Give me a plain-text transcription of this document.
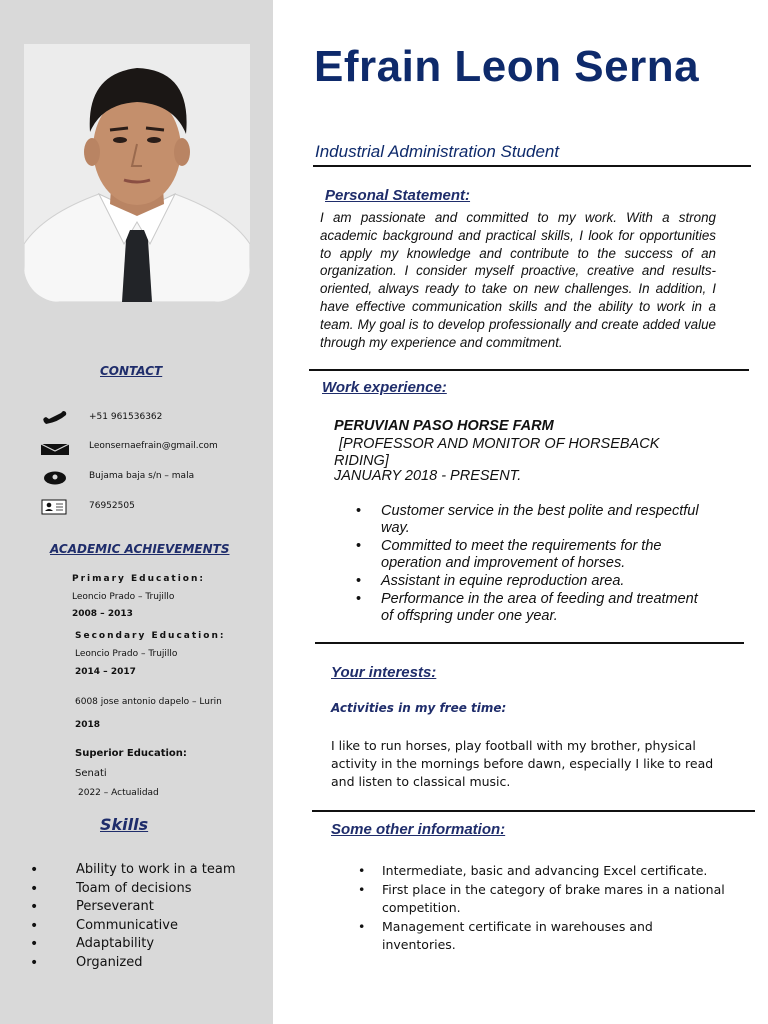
CONTACT
+51 961536362
Leonsernaefrain@gmail.com
Bujama baja s/n – mala
76952505
ACADEMIC ACHIEVEMENTS
Primary Education:
Leoncio Prado – Trujillo
2008 – 2013
Secondary Education:
Leoncio Prado – Trujillo
2014 – 2017
6008 jose antonio dapelo – Lurin
2018
Superior Education:
Senati
2022 – Actualidad
Skills
• Ability to work in a team
• Toam of decisions
• Perseverant
• Communicative
• Adaptability
• Organized
Efrain Leon Serna
Industrial Administration Student
Personal Statement:
I am passionate and committed to my work. With a strong academic background and practical skills, I look for opportunities to apply my knowledge and contribute to the success of an organization. I consider myself proactive, creative and results-oriented, always ready to take on new challenges. In addition, I have effective communication skills and the ability to work in a team. My goal is to develop professionally and create added value through my experience and commitment.
Work experience:
PERUVIAN PASO HORSE FARM
[PROFESSOR AND MONITOR OF HORSEBACK
RIDING]
JANUARY 2018 - PRESENT.
• Customer service in the best polite and respectful way.
• Committed to meet the requirements for the operation and improvement of horses.
• Assistant in equine reproduction area.
• Performance in the area of feeding and treatment of offspring under one year.
Your interests:
Activities in my free time:
I like to run horses, play football with my brother, physical activity in the mornings before dawn, especially I like to read and listen to classical music.
Some other information:
• Intermediate, basic and advancing Excel certificate.
• First place in the category of brake mares in a national competition.
• Management certificate in warehouses and inventories.
